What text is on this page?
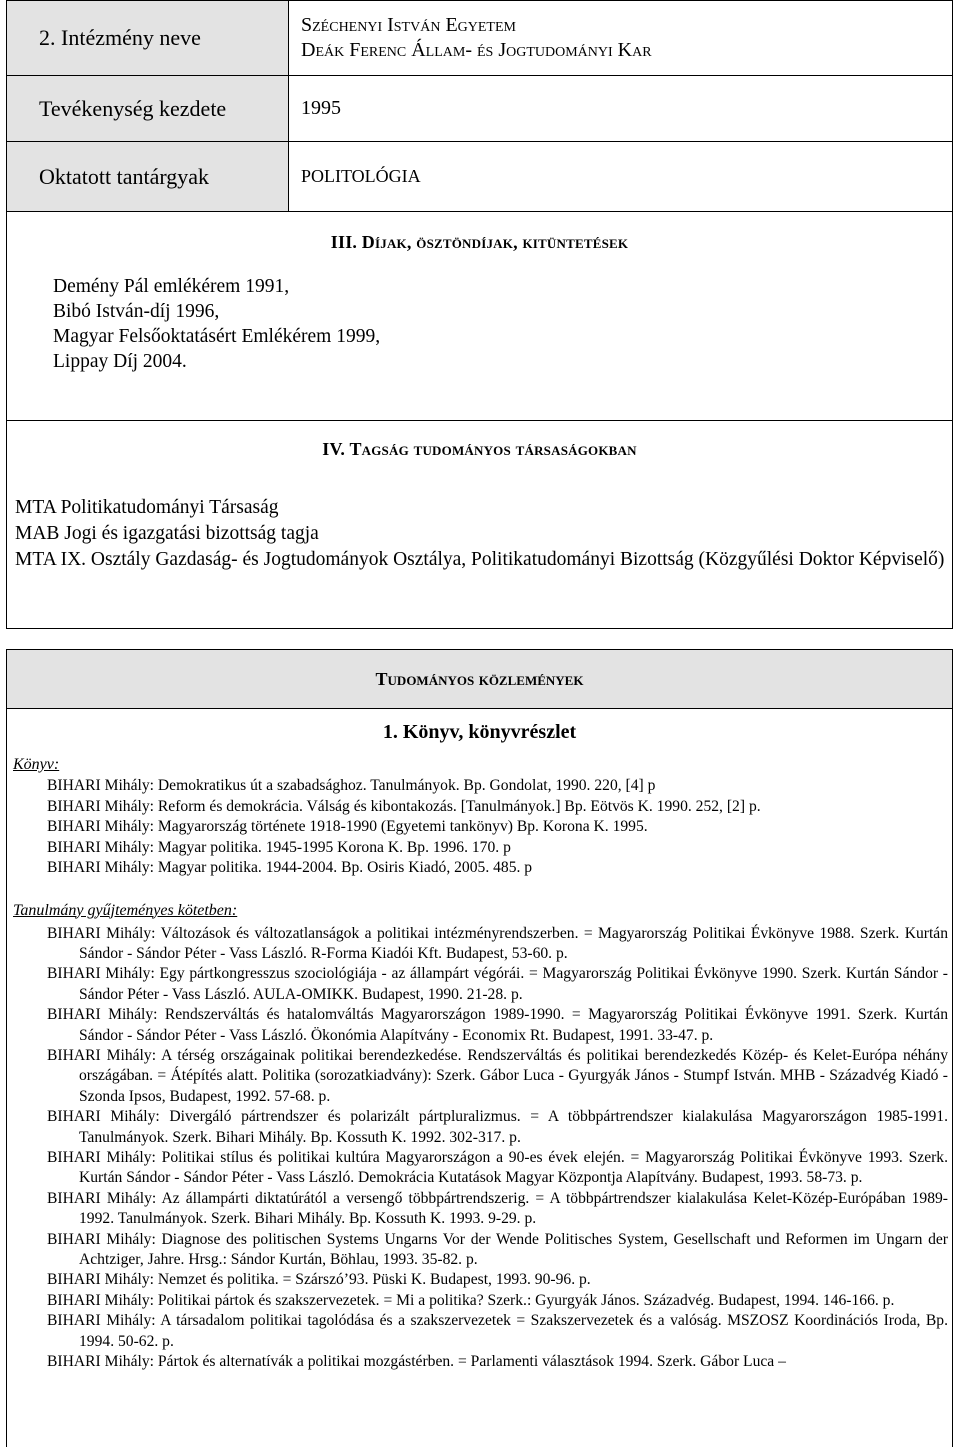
2. Intézmény neve	Széchenyi István Egyetem
Deák Ferenc Állam- és Jogtudományi Kar

Tevékenység kezdete	1995
Oktatott tantárgyak	POLITOLÓGIA
III. Díjak, ösztöndíjak, kitüntetések
Demény Pál emlékérem 1991,
Bibó István-díj 1996,
Magyar Felsőoktatásért Emlékérem 1999,
Lippay Díj 2004.
IV. Tagság tudományos társaságokban
MTA Politikatudományi Társaság
MAB Jogi és igazgatási bizottság tagja
MTA IX. Osztály Gazdaság- és Jogtudományok Osztálya, Politikatudományi Bizottság (Közgyűlési Doktor Képviselő)
Tudományos közlemények
1. Könyv, könyvrészlet
Könyv:
BIHARI Mihály: Demokratikus út a szabadsághoz. Tanulmányok. Bp. Gondolat, 1990. 220, [4] p
BIHARI Mihály: Reform és demokrácia. Válság és kibontakozás. [Tanulmányok.] Bp. Eötvös K. 1990. 252, [2] p.
BIHARI Mihály: Magyarország története 1918-1990 (Egyetemi tankönyv) Bp. Korona K. 1995.
BIHARI Mihály: Magyar politika. 1945-1995 Korona K. Bp. 1996. 170. p
BIHARI Mihály: Magyar politika. 1944-2004. Bp. Osiris Kiadó, 2005. 485. p
Tanulmány gyűjteményes kötetben:

BIHARI Mihály: Változások és változatlanságok a politikai intézményrendszerben. = Magyarország Politikai Évkönyve 1988. Szerk. Kurtán Sándor - Sándor Péter - Vass László. R-Forma Kiadói Kft. Budapest, 53-60. p.

BIHARI Mihály: Egy pártkongresszus szociológiája - az állampárt végórái. = Magyarország Politikai Évkönyve 1990. Szerk. Kurtán Sándor - Sándor Péter - Vass László. AULA-OMIKK. Budapest, 1990. 21-28. p.

BIHARI Mihály: Rendszerváltás és hatalomváltás Magyarországon 1989-1990. = Magyarország Politikai Évkönyve 1991. Szerk. Kurtán Sándor - Sándor Péter - Vass László. Ökonómia Alapítvány - Economix Rt. Budapest, 1991. 33-47. p.

BIHARI Mihály: A térség országainak politikai berendezkedése. Rendszerváltás és politikai berendezkedés Közép- és Kelet-Európa néhány országában. = Átépítés alatt. Politika (sorozatkiadvány): Szerk. Gábor Luca - Gyurgyák János - Stumpf István. MHB - Századvég Kiadó - Szonda Ipsos, Budapest, 1992. 57-68. p.

BIHARI Mihály: Divergáló pártrendszer és polarizált pártpluralizmus. = A többpártrendszer kialakulása Magyarországon 1985-1991. Tanulmányok. Szerk. Bihari Mihály. Bp. Kossuth K. 1992. 302-317. p.

BIHARI Mihály: Politikai stílus és politikai kultúra Magyarországon a 90-es évek elején. = Magyarország Politikai Évkönyve 1993. Szerk. Kurtán Sándor - Sándor Péter - Vass László. Demokrácia Kutatások Magyar Központja Alapítvány. Budapest, 1993. 58-73. p.

BIHARI Mihály: Az állampárti diktatúrától a versengő többpártrendszerig. = A többpártrendszer kialakulása Kelet-Közép-Európában 1989-1992. Tanulmányok. Szerk. Bihari Mihály. Bp. Kossuth K. 1993. 9-29. p.

BIHARI Mihály: Diagnose des politischen Systems Ungarns Vor der Wende Politisches System, Gesellschaft und Reformen im Ungarn der Achtziger, Jahre. Hrsg.: Sándor Kurtán, Böhlau, 1993. 35-82. p.

BIHARI Mihály: Nemzet és politika. = Szárszó’93. Püski K. Budapest, 1993. 90-96. p.

BIHARI Mihály: Politikai pártok és szakszervezetek. = Mi a politika? Szerk.: Gyurgyák János. Századvég. Budapest, 1994. 146-166. p.

BIHARI Mihály: A társadalom politikai tagolódása és a szakszervezetek = Szakszervezetek és a valóság. MSZOSZ Koordinációs Iroda, Bp. 1994. 50-62. p.

BIHARI Mihály: Pártok és alternatívák a politikai mozgástérben. = Parlamenti választások 1994. Szerk. Gábor Luca –
